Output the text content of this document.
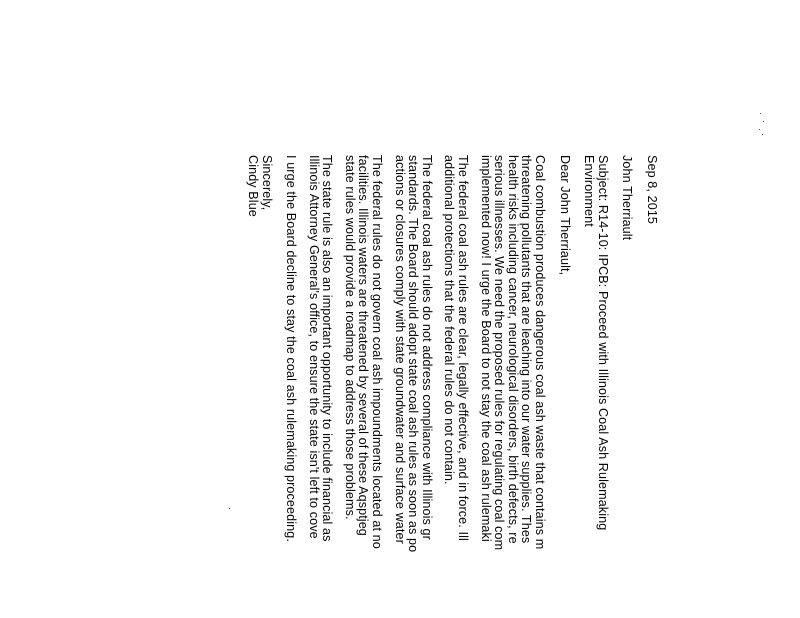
Sep 8, 2015
John Therriault
Subject: R14-10: IPCB: Proceed with Illinois Coal Ash Rulemaking
Environment
Dear John Therriault,
Coal combustion produces dangerous coal ash waste that contains m
threatening pollutants that are leaching into our water supplies. Thes
health risks including cancer, neurological disorders, birth defects, re
serious illnesses. We need the proposed rules for regulating coal com
implemented now! I urge the Board to not stay the coal ash rulemaki
The federal coal ash rules are clear, legally effective, and in force. Ill
additional protections that the federal rules do not contain.
The federal coal ash rules do not address compliance with Illinois gr
standards. The Board should adopt state coal ash rules as soon as po
actions or closures comply with state groundwater and surface water
The federal rules do not govern coal ash impoundments located at no
facilities. Illinois waters are threatened by several of these Aqsptjeg
state rules would provide a roadmap to address those problems.
The state rule is also an important opportunity to include financial as
Illinois Attorney General's office, to ensure the state isn't left to cove
I urge the Board decline to stay the coal ash rulemaking proceeding.
Sincerely,
Cindy Blue
